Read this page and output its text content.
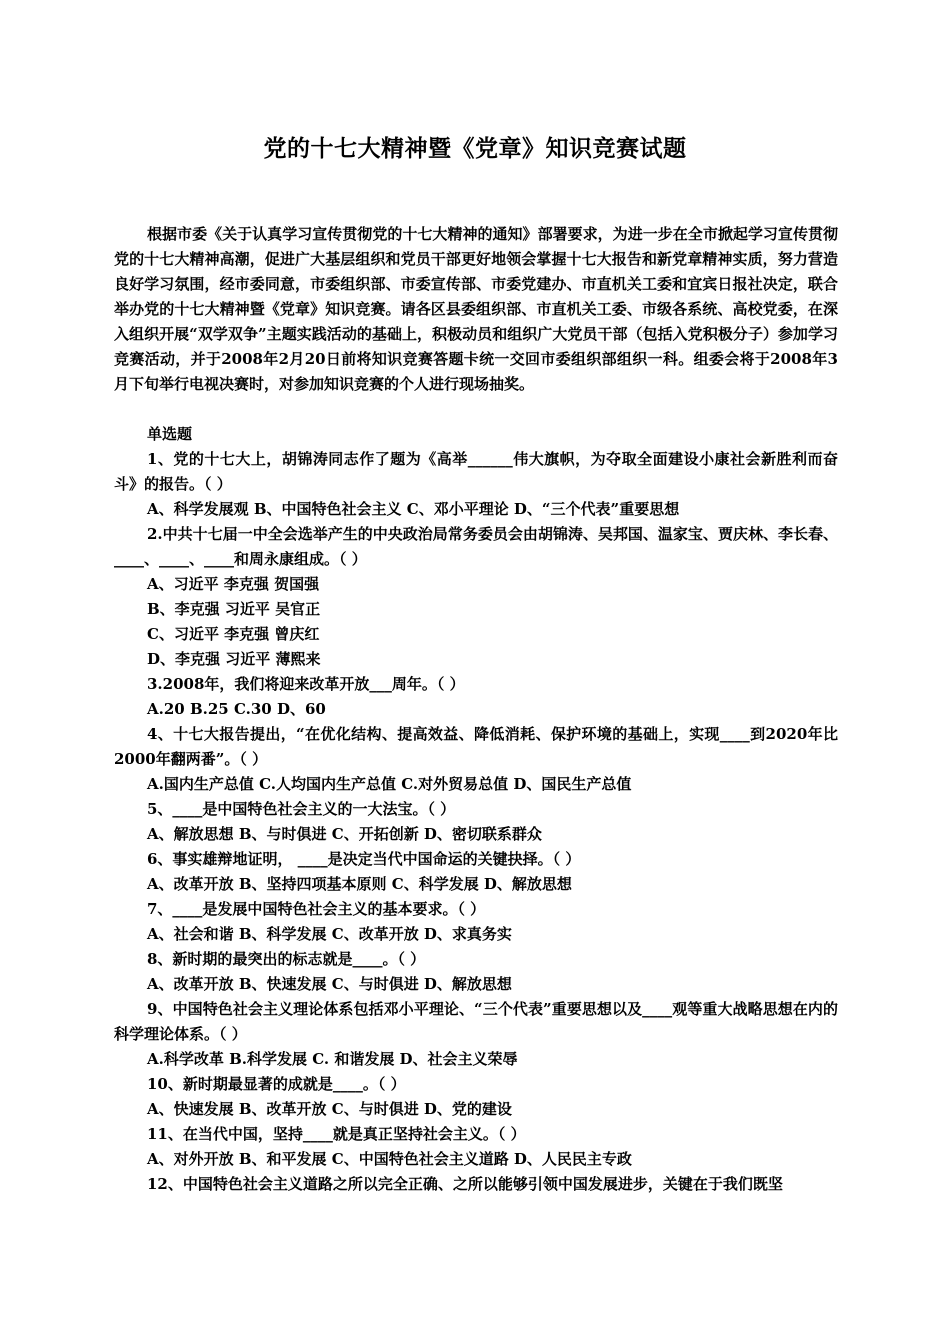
党的十七大精神暨《党章》知识竞赛试题

根据市委《关于认真学习宣传贯彻党的十七大精神的通知》部署要求，为进一步在全市掀起学习宣传贯彻党的十七大精神高潮，促进广大基层组织和党员干部更好地领会掌握十七大报告和新党章精神实质，努力营造良好学习氛围，经市委同意，市委组织部、市委宣传部、市委党建办、市直机关工委和宜宾日报社决定，联合举办党的十七大精神暨《党章》知识竞赛。请各区县委组织部、市直机关工委、市级各系统、高校党委，在深入组织开展“双学双争”主题实践活动的基础上，积极动员和组织广大党员干部（包括入党积极分子）参加学习竞赛活动，并于2008年2月20日前将知识竞赛答题卡统一交回市委组织部组织一科。组委会将于2008年3月下旬举行电视决赛时，对参加知识竞赛的个人进行现场抽奖。

单选题

1、党的十七大上，胡锦涛同志作了题为《高举______伟大旗帜，为夺取全面建设小康社会新胜利而奋斗》的报告。（ ）

A、科学发展观 B、中国特色社会主义 C、邓小平理论 D、“三个代表”重要思想

2.中共十七届一中全会选举产生的中央政治局常务委员会由胡锦涛、吴邦国、温家宝、贾庆林、李长春、____、____、____和周永康组成。（ ）

A、习近平 李克强 贺国强

B、李克强 习近平 吴官正

C、习近平 李克强 曾庆红

D、李克强 习近平 薄熙来

3.2008年，我们将迎来改革开放___周年。（ ）

A.20 B.25 C.30 D、60

4、十七大报告提出，“在优化结构、提高效益、降低消耗、保护环境的基础上，实现____到2020年比2000年翻两番”。（ ）

A.国内生产总值 C.人均国内生产总值 C.对外贸易总值 D、国民生产总值

5、____是中国特色社会主义的一大法宝。（ ）

A、解放思想 B、与时俱进 C、开拓创新 D、密切联系群众

6、事实雄辩地证明， ____是决定当代中国命运的关键抉择。（ ）

A、改革开放 B、坚持四项基本原则 C、科学发展 D、解放思想

7、____是发展中国特色社会主义的基本要求。（ ）

A、社会和谐 B、科学发展 C、改革开放 D、求真务实

8、新时期的最突出的标志就是____。（ ）

A、改革开放 B、快速发展 C、与时俱进 D、解放思想

9、中国特色社会主义理论体系包括邓小平理论、“三个代表”重要思想以及____观等重大战略思想在内的科学理论体系。（ ）

A.科学改革 B.科学发展 C. 和谐发展 D、社会主义荣辱

10、新时期最显著的成就是____。（ ）

A、快速发展 B、改革开放 C、与时俱进 D、党的建设

11、在当代中国，坚持____就是真正坚持社会主义。（ ）

A、对外开放 B、和平发展 C、中国特色社会主义道路 D、人民民主专政

12、中国特色社会主义道路之所以完全正确、之所以能够引领中国发展进步，关键在于我们既坚
